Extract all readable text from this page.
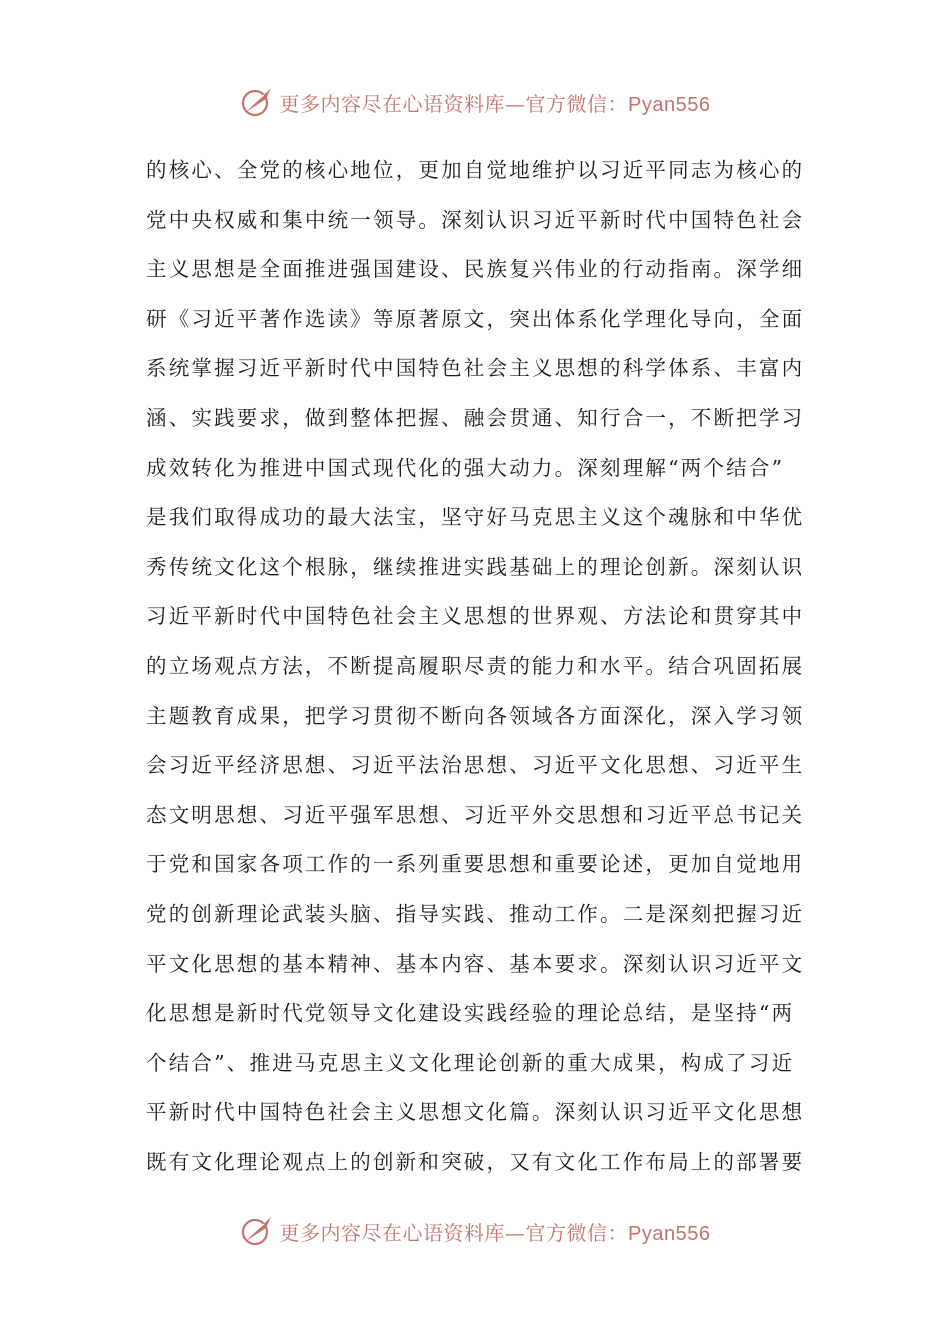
更多内容尽在心语资料库—官方微信：Pyan556
的核心、全党的核心地位，更加自觉地维护以习近平同志为核心的
党中央权威和集中统一领导。深刻认识习近平新时代中国特色社会
主义思想是全面推进强国建设、民族复兴伟业的行动指南。深学细
研《习近平著作选读》等原著原文，突出体系化学理化导向，全面
系统掌握习近平新时代中国特色社会主义思想的科学体系、丰富内
涵、实践要求，做到整体把握、融会贯通、知行合一，不断把学习
成效转化为推进中国式现代化的强大动力。深刻理解“两个结合”
是我们取得成功的最大法宝，坚守好马克思主义这个魂脉和中华优
秀传统文化这个根脉，继续推进实践基础上的理论创新。深刻认识
习近平新时代中国特色社会主义思想的世界观、方法论和贯穿其中
的立场观点方法，不断提高履职尽责的能力和水平。结合巩固拓展
主题教育成果，把学习贯彻不断向各领域各方面深化，深入学习领
会习近平经济思想、习近平法治思想、习近平文化思想、习近平生
态文明思想、习近平强军思想、习近平外交思想和习近平总书记关
于党和国家各项工作的一系列重要思想和重要论述，更加自觉地用
党的创新理论武装头脑、指导实践、推动工作。二是深刻把握习近
平文化思想的基本精神、基本内容、基本要求。深刻认识习近平文
化思想是新时代党领导文化建设实践经验的理论总结，是坚持“两
个结合”、推进马克思主义文化理论创新的重大成果，构成了习近
平新时代中国特色社会主义思想文化篇。深刻认识习近平文化思想
既有文化理论观点上的创新和突破，又有文化工作布局上的部署要
更多内容尽在心语资料库—官方微信：Pyan556
